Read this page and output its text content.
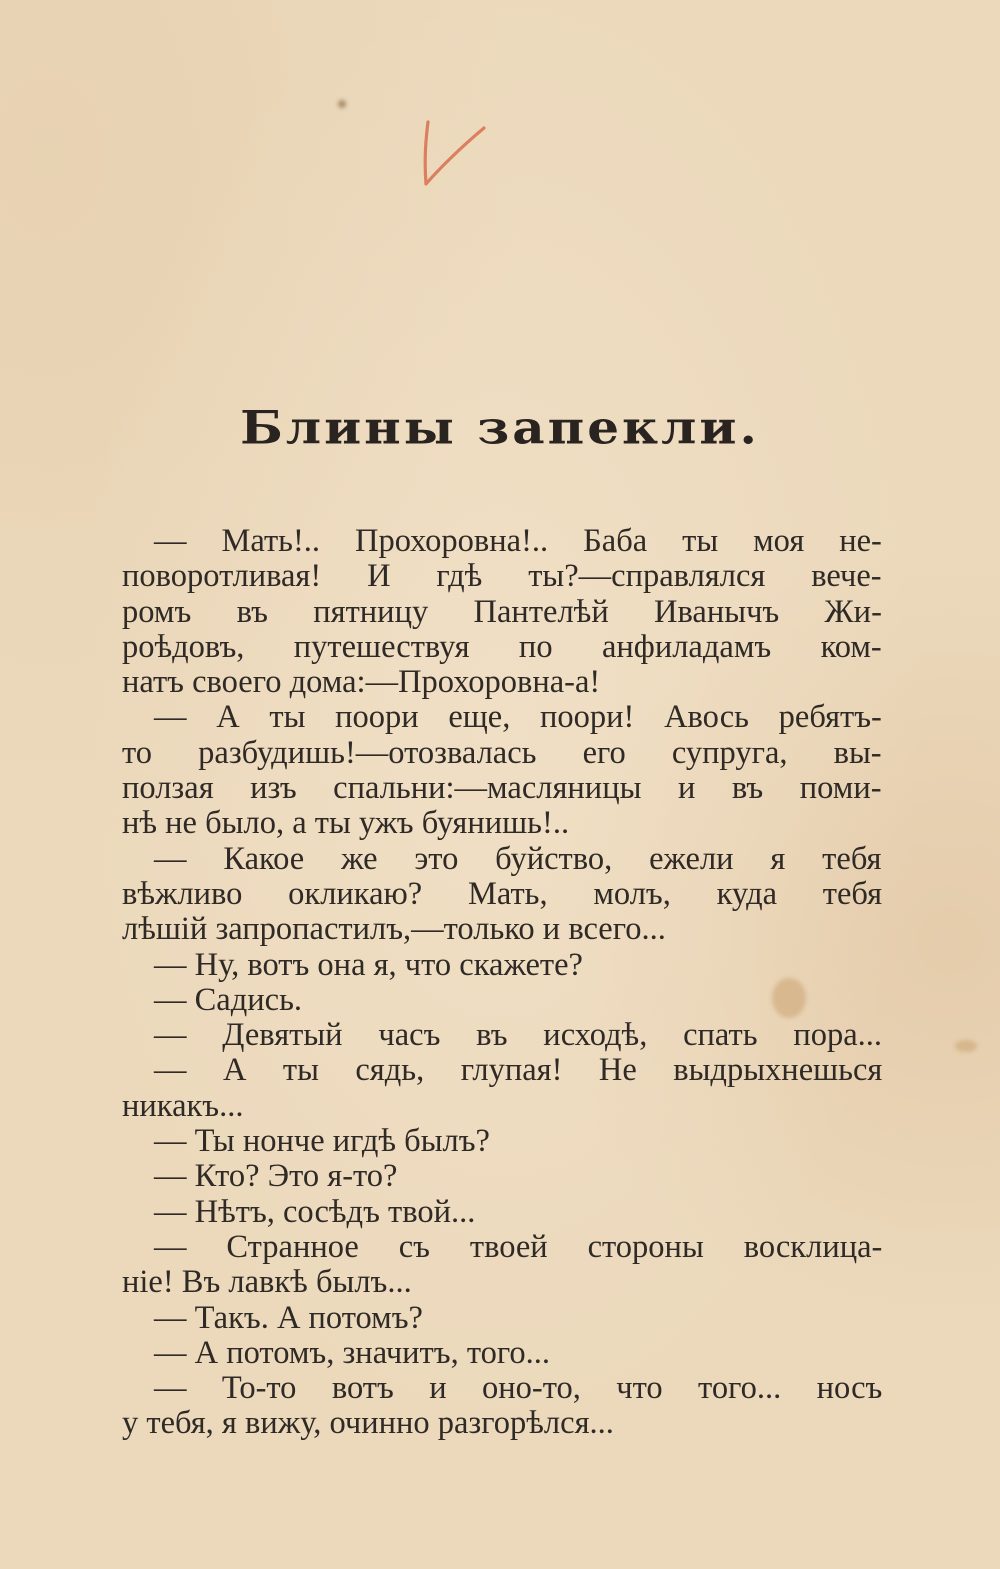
Блины запекли.
— Мать!.. Прохоровна!.. Баба ты моя не-
поворотливая! И гдѣ ты?—справлялся вече-
ромъ въ пятницу Пантелѣй Иванычъ Жи-
роѣдовъ, путешествуя по анфиладамъ ком-
натъ своего дома:—Прохоровна-а!
— А ты поори еще, поори! Авось ребятъ-
то разбудишь!—отозвалась его супруга, вы-
ползая изъ спальни:—масляницы и въ поми-
нѣ не было, а ты ужъ буянишь!..
— Какое же это буйство, ежели я тебя
вѣжливо окликаю? Мать, молъ, куда тебя
лѣшій запропастилъ,—только и всего...
— Ну, вотъ она я, что скажете?
— Садись.
— Девятый часъ въ исходѣ, спать пора...
— А ты сядь, глупая! Не выдрыхнешься
никакъ...
— Ты нонче игдѣ былъ?
— Кто? Это я-то?
— Нѣтъ, сосѣдъ твой...
— Странное съ твоей стороны восклица-
ніе! Въ лавкѣ былъ...
— Такъ. А потомъ?
— А потомъ, значитъ, того...
— То-то вотъ и оно-то, что того... носъ
у тебя, я вижу, очинно разгорѣлся...
